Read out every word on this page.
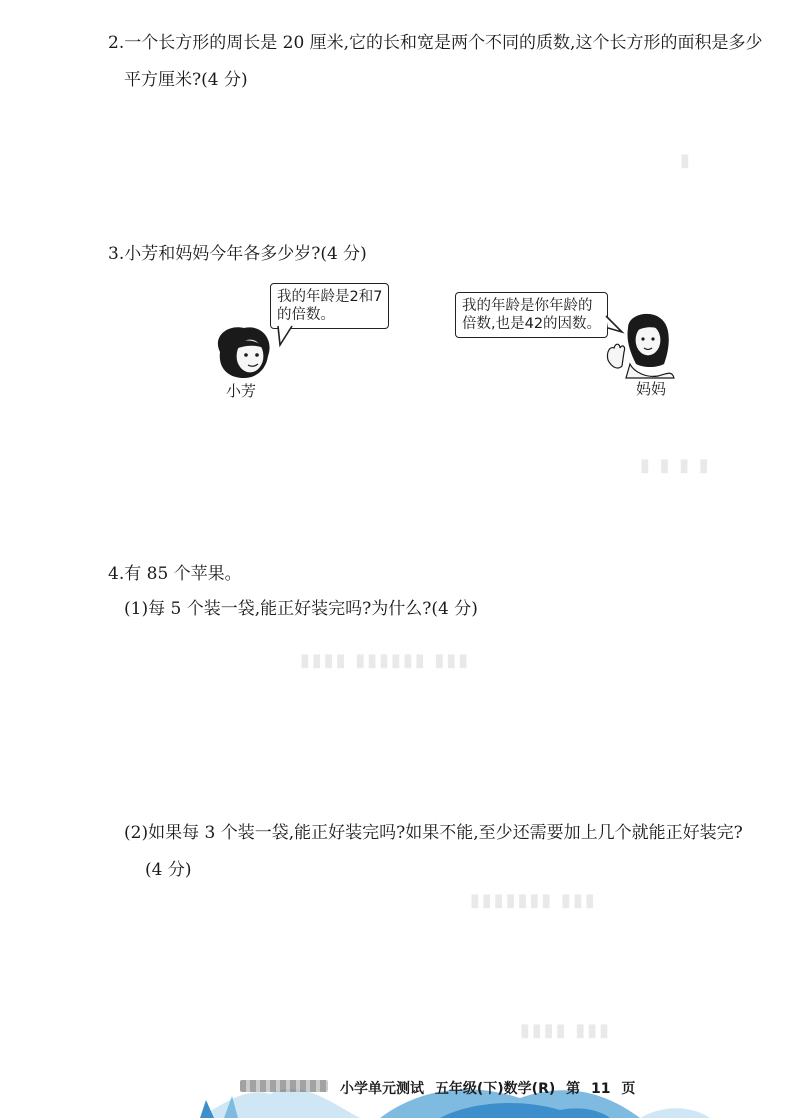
▮
▮ ▮ ▮ ▮
▮▮▮▮ ▮▮▮▮▮▮ ▮▮▮
▮▮▮▮▮▮▮ ▮▮▮
▮▮▮▮ ▮▮▮
2.一个长方形的周长是 20 厘米,它的长和宽是两个不同的质数,这个长方形的面积是多少
平方厘米?(4 分)
3.小芳和妈妈今年各多少岁?(4 分)
我的年龄是2和7
的倍数。
小芳
我的年龄是你年龄的
倍数,也是42的因数。
妈妈
4.有 85 个苹果。
(1)每 5 个装一袋,能正好装完吗?为什么?(4 分)
(2)如果每 3 个装一袋,能正好装完吗?如果不能,至少还需要加上几个就能正好装完?
(4 分)
小学单元测试 五年级(下)数学(R) 第 11 页
